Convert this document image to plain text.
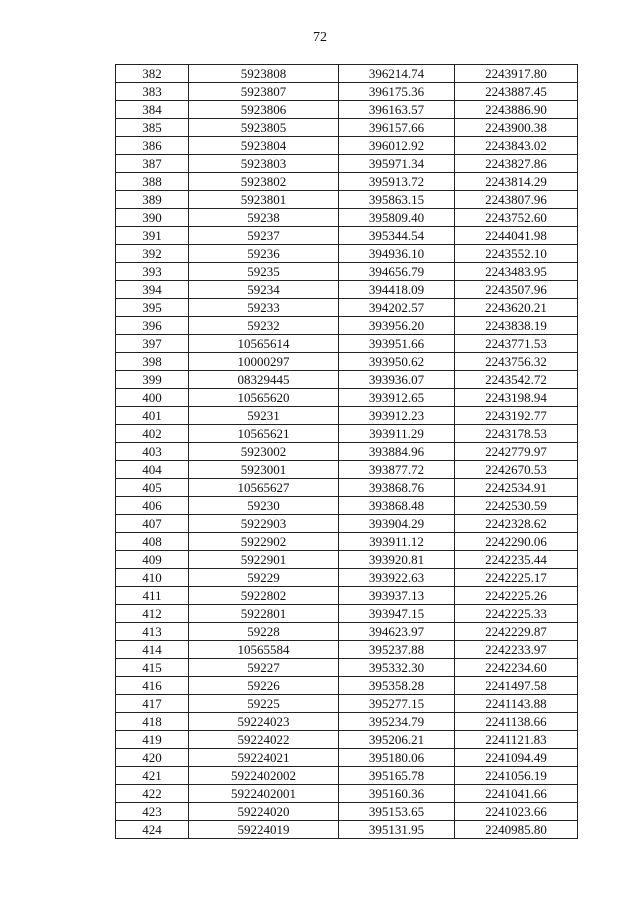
72
382	5923808	396214.74	2243917.80
383	5923807	396175.36	2243887.45
384	5923806	396163.57	2243886.90
385	5923805	396157.66	2243900.38
386	5923804	396012.92	2243843.02
387	5923803	395971.34	2243827.86
388	5923802	395913.72	2243814.29
389	5923801	395863.15	2243807.96
390	59238	395809.40	2243752.60
391	59237	395344.54	2244041.98
392	59236	394936.10	2243552.10
393	59235	394656.79	2243483.95
394	59234	394418.09	2243507.96
395	59233	394202.57	2243620.21
396	59232	393956.20	2243838.19
397	10565614	393951.66	2243771.53
398	10000297	393950.62	2243756.32
399	08329445	393936.07	2243542.72
400	10565620	393912.65	2243198.94
401	59231	393912.23	2243192.77
402	10565621	393911.29	2243178.53
403	5923002	393884.96	2242779.97
404	5923001	393877.72	2242670.53
405	10565627	393868.76	2242534.91
406	59230	393868.48	2242530.59
407	5922903	393904.29	2242328.62
408	5922902	393911.12	2242290.06
409	5922901	393920.81	2242235.44
410	59229	393922.63	2242225.17
411	5922802	393937.13	2242225.26
412	5922801	393947.15	2242225.33
413	59228	394623.97	2242229.87
414	10565584	395237.88	2242233.97
415	59227	395332.30	2242234.60
416	59226	395358.28	2241497.58
417	59225	395277.15	2241143.88
418	59224023	395234.79	2241138.66
419	59224022	395206.21	2241121.83
420	59224021	395180.06	2241094.49
421	5922402002	395165.78	2241056.19
422	5922402001	395160.36	2241041.66
423	59224020	395153.65	2241023.66
424	59224019	395131.95	2240985.80
